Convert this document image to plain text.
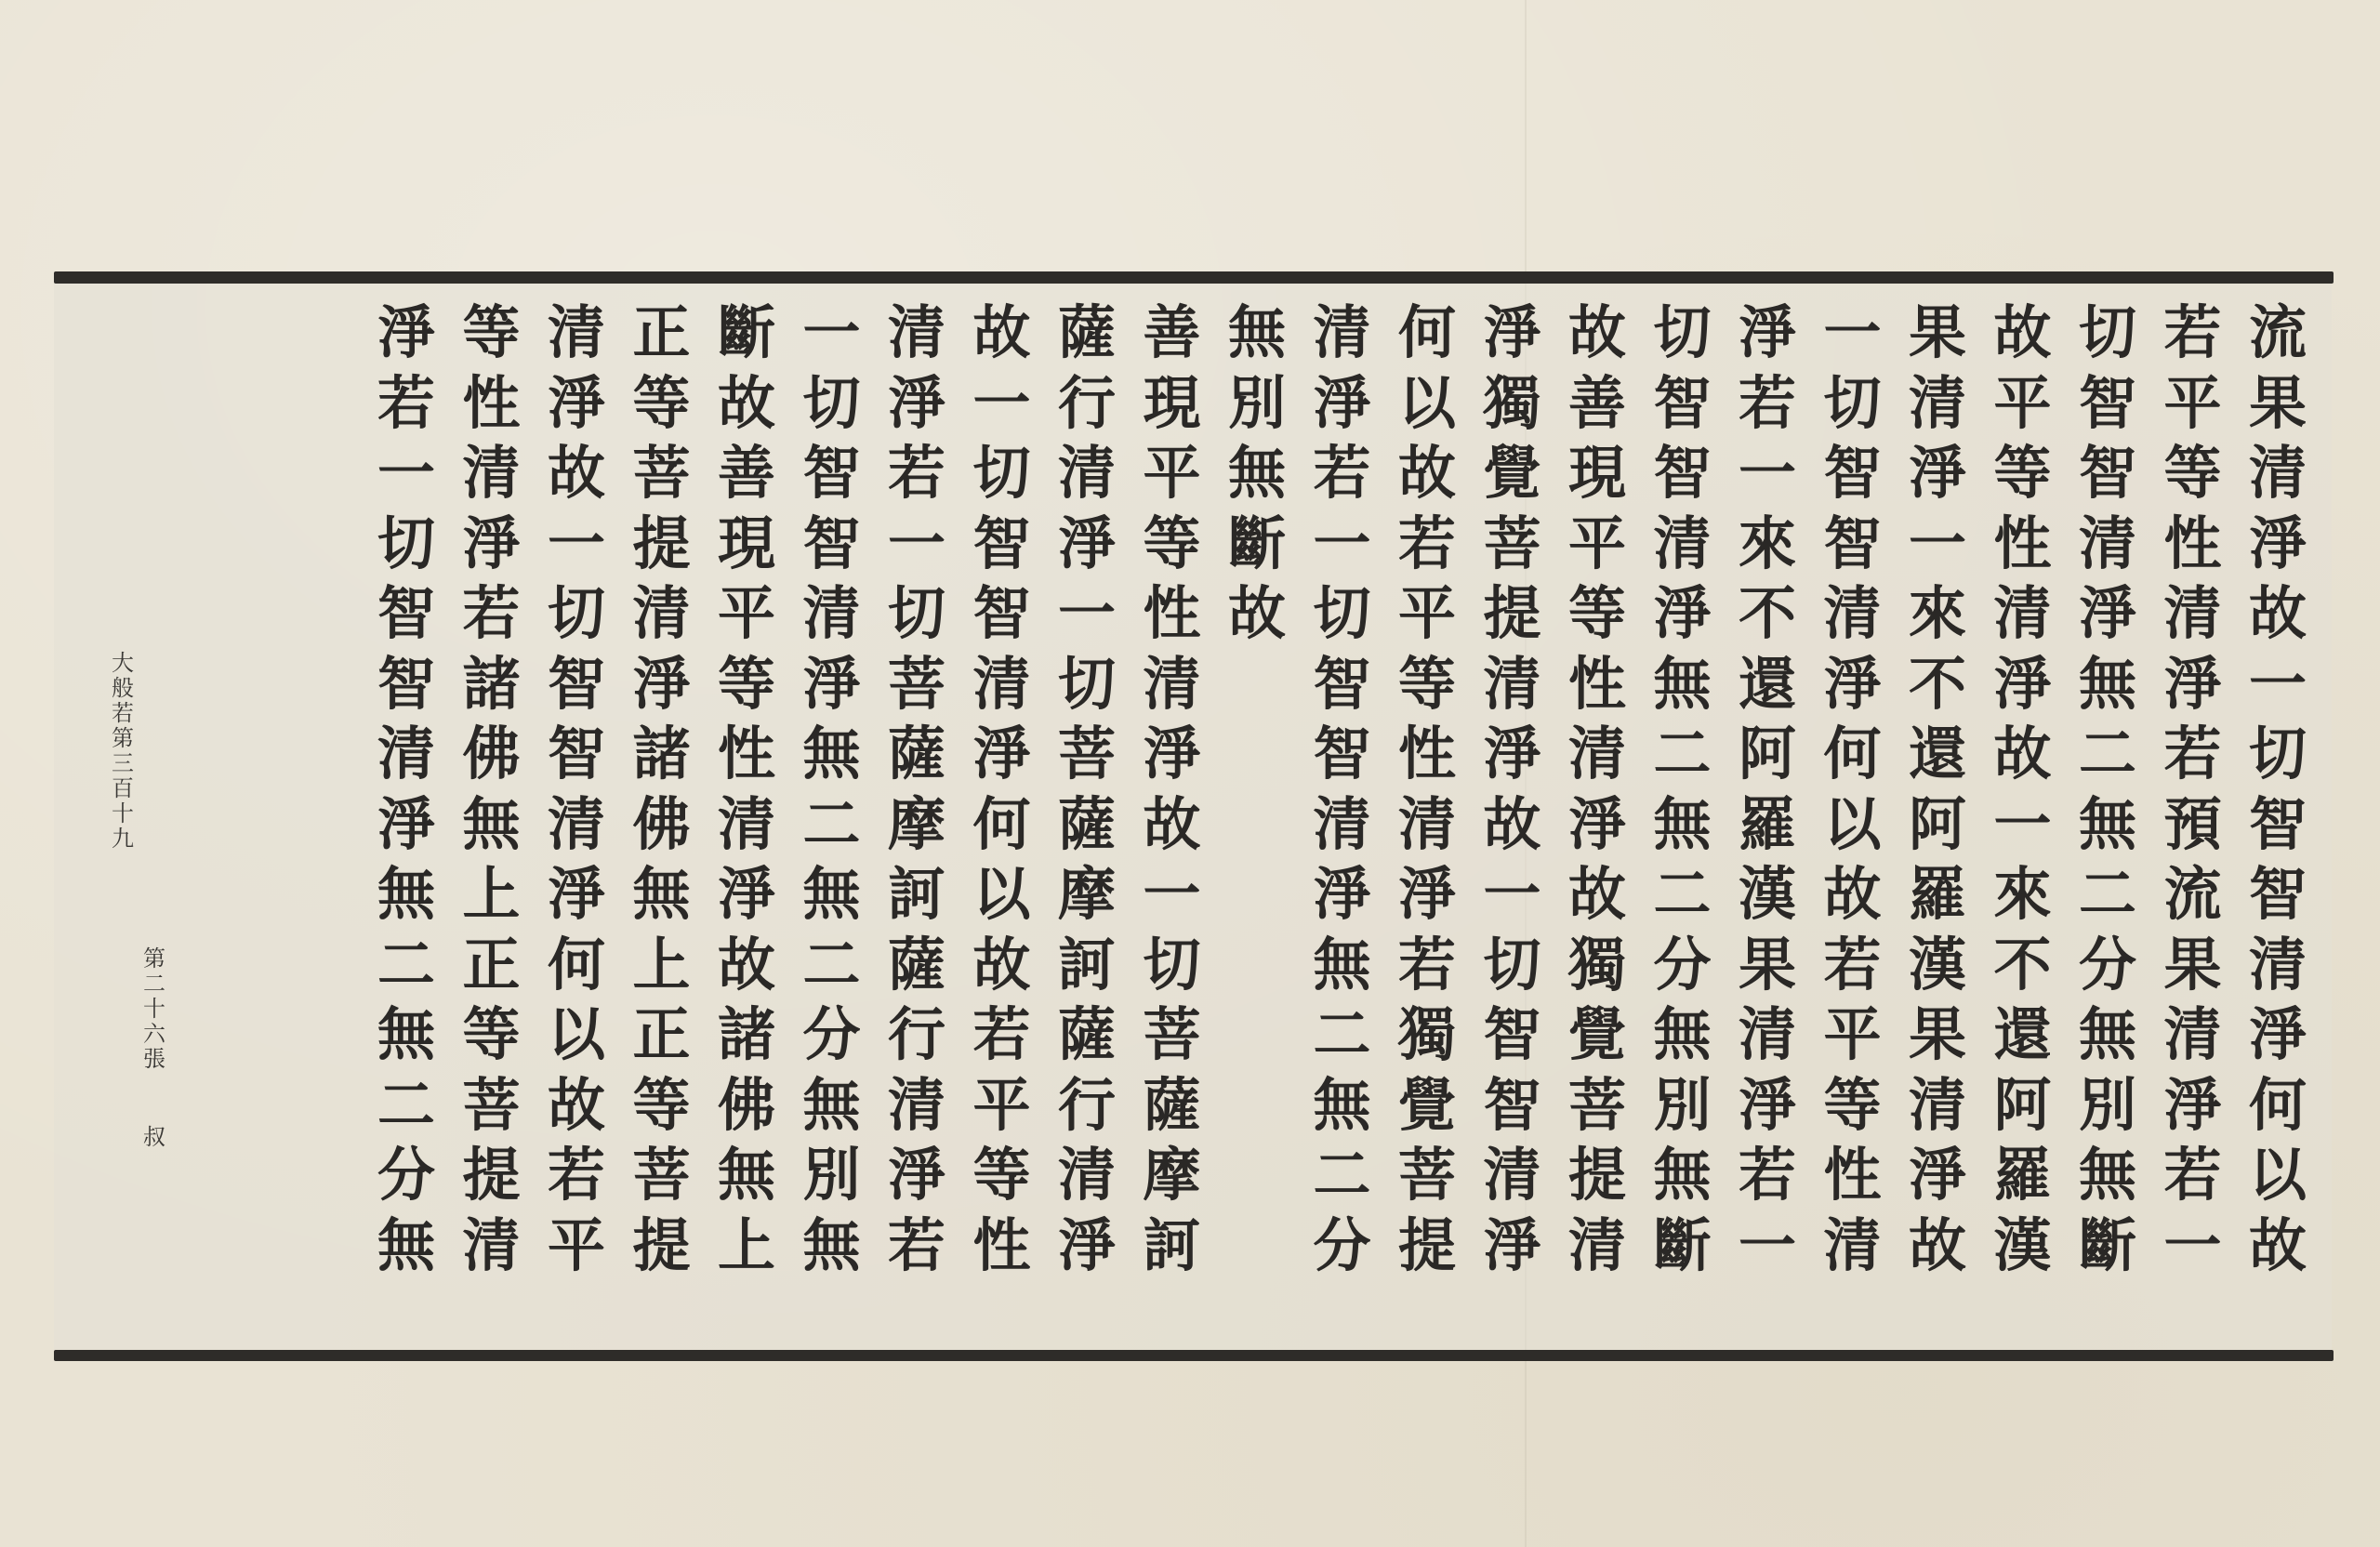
流
果
清
淨
故
一
切
智
智
清
淨
何
以
故
若
平
等
性
清
淨
若
預
流
果
清
淨
若
一
切
智
智
清
淨
無
二
無
二
分
無
別
無
斷
故
平
等
性
清
淨
故
一
來
不
還
阿
羅
漢
果
清
淨
一
來
不
還
阿
羅
漢
果
清
淨
故
一
切
智
智
清
淨
何
以
故
若
平
等
性
清
淨
若
一
來
不
還
阿
羅
漢
果
清
淨
若
一
切
智
智
清
淨
無
二
無
二
分
無
別
無
斷
故
善
現
平
等
性
清
淨
故
獨
覺
菩
提
清
淨
獨
覺
菩
提
清
淨
故
一
切
智
智
清
淨
何
以
故
若
平
等
性
清
淨
若
獨
覺
菩
提
清
淨
若
一
切
智
智
清
淨
無
二
無
二
分
無
別
無
斷
故
善
現
平
等
性
清
淨
故
一
切
菩
薩
摩
訶
薩
行
清
淨
一
切
菩
薩
摩
訶
薩
行
清
淨
故
一
切
智
智
清
淨
何
以
故
若
平
等
性
清
淨
若
一
切
菩
薩
摩
訶
薩
行
清
淨
若
一
切
智
智
清
淨
無
二
無
二
分
無
別
無
斷
故
善
現
平
等
性
清
淨
故
諸
佛
無
上
正
等
菩
提
清
淨
諸
佛
無
上
正
等
菩
提
清
淨
故
一
切
智
智
清
淨
何
以
故
若
平
等
性
清
淨
若
諸
佛
無
上
正
等
菩
提
清
淨
若
一
切
智
智
清
淨
無
二
無
二
分
無
大
般
若
第
三
百
十
九
第
二
十
六
張
叔
